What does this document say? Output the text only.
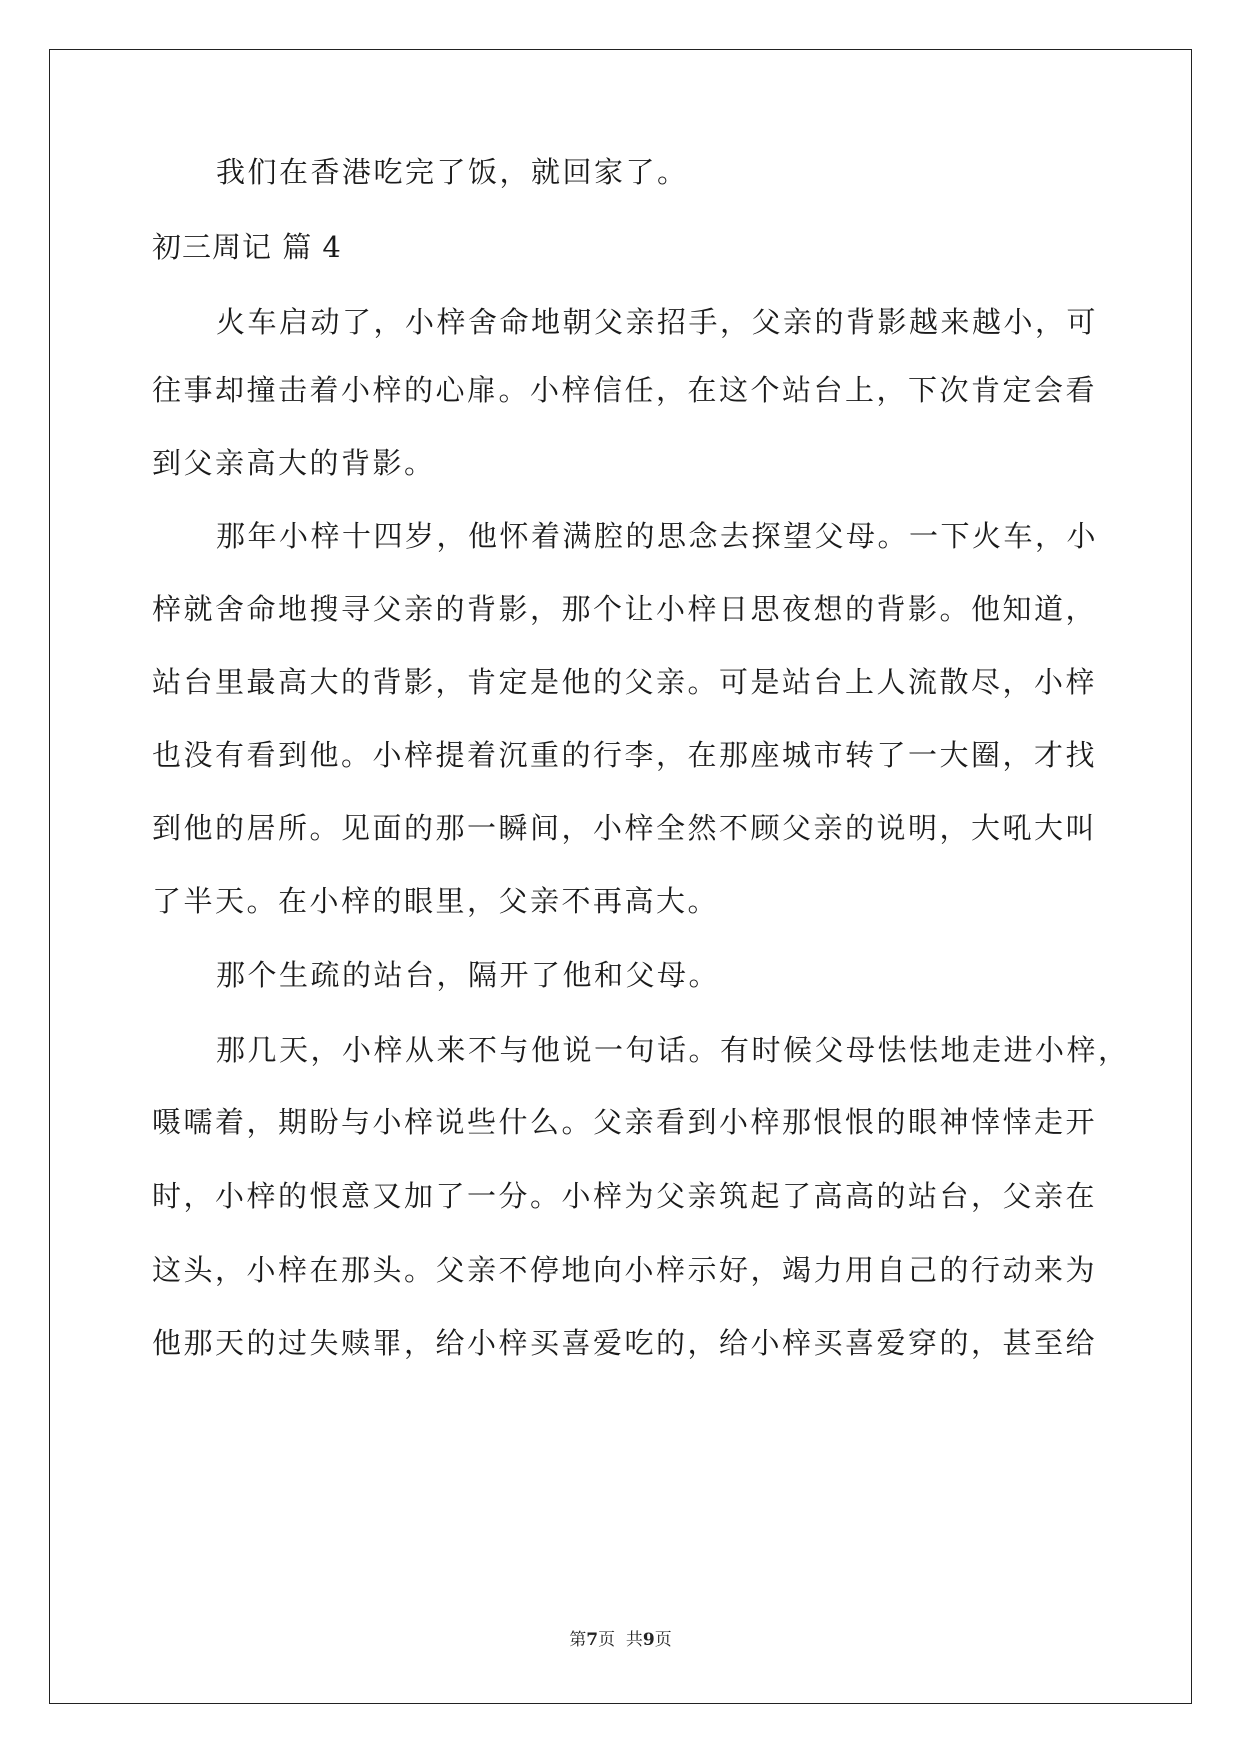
我们在香港吃完了饭，就回家了。
初三周记 篇 4
火车启动了，小梓舍命地朝父亲招手，父亲的背影越来越小，可
往事却撞击着小梓的心扉。小梓信任，在这个站台上，下次肯定会看
到父亲高大的背影。
那年小梓十四岁，他怀着满腔的思念去探望父母。一下火车，小
梓就舍命地搜寻父亲的背影，那个让小梓日思夜想的背影。他知道，
站台里最高大的背影，肯定是他的父亲。可是站台上人流散尽，小梓
也没有看到他。小梓提着沉重的行李，在那座城市转了一大圈，才找
到他的居所。见面的那一瞬间，小梓全然不顾父亲的说明，大吼大叫
了半天。在小梓的眼里，父亲不再高大。
那个生疏的站台，隔开了他和父母。
那几天，小梓从来不与他说一句话。有时候父母怯怯地走进小梓，
嗫嚅着，期盼与小梓说些什么。父亲看到小梓那恨恨的眼神悻悻走开
时，小梓的恨意又加了一分。小梓为父亲筑起了高高的站台，父亲在
这头，小梓在那头。父亲不停地向小梓示好，竭力用自己的行动来为
他那天的过失赎罪，给小梓买喜爱吃的，给小梓买喜爱穿的，甚至给
第7页  共9页
